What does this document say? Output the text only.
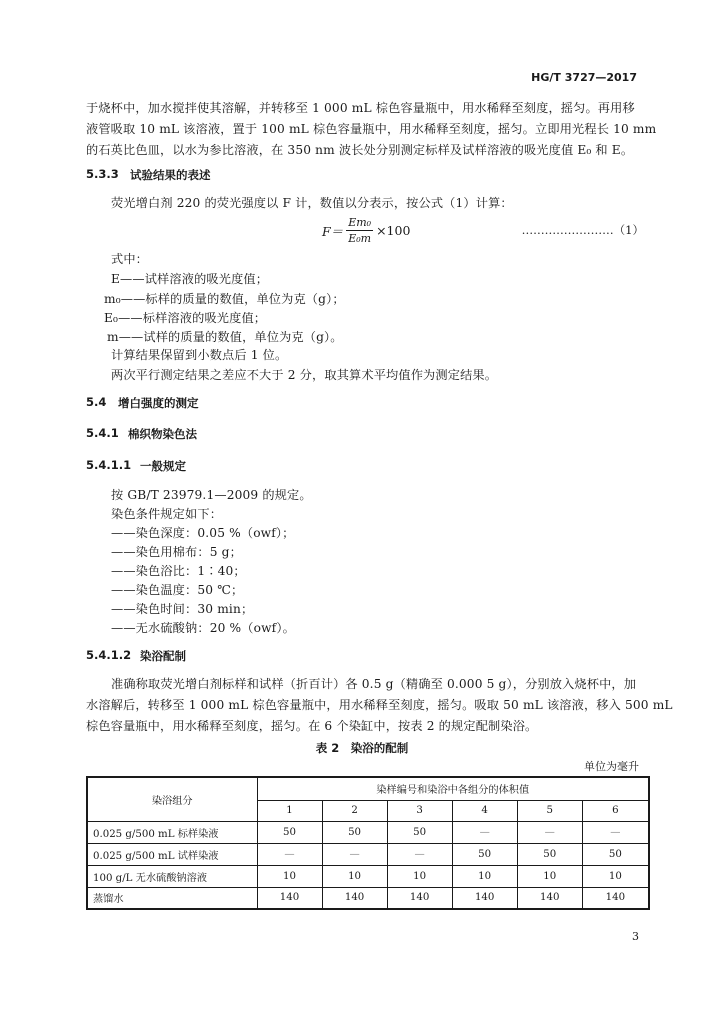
HG/T 3727—2017
于烧杯中，加水搅拌使其溶解，并转移至 1 000 mL 棕色容量瓶中，用水稀释至刻度，摇匀。再用移
液管吸取 10 mL 该溶液，置于 100 mL 棕色容量瓶中，用水稀释至刻度，摇匀。立即用光程长 10 mm
的石英比色皿，以水为参比溶液，在 350 nm 波长处分别测定标样及试样溶液的吸光度值 E₀ 和 E。
5.3.3 试验结果的表述
荧光增白剂 220 的荧光强度以 F 计，数值以分表示，按公式（1）计算：
$F= \frac{\text{Em₀}}{\text{E₀m}} \times 100$	……………………（1）
式中：
E——试样溶液的吸光度值；
m₀——标样的质量的数值，单位为克（g）；
E₀——标样溶液的吸光度值；
m——试样的质量的数值，单位为克（g）。
计算结果保留到小数点后 1 位。
两次平行测定结果之差应不大于 2 分，取其算术平均值作为测定结果。
5.4 增白强度的测定
5.4.1 棉织物染色法
5.4.1.1 一般规定
按 GB/T 23979.1—2009 的规定。
染色条件规定如下：
——染色深度：0.05 %（owf）；
——染色用棉布：5 g；
——染色浴比：1∶40；
——染色温度：50 ℃；
——染色时间：30 min；
——无水硫酸钠：20 %（owf）。
5.4.1.2 染浴配制
准确称取荧光增白剂标样和试样（折百计）各 0.5 g（精确至 0.000 5 g），分别放入烧杯中，加
水溶解后，转移至 1 000 mL 棕色容量瓶中，用水稀释至刻度，摇匀。吸取 50 mL 该溶液，移入 500 mL
棕色容量瓶中，用水稀释至刻度，摇匀。在 6 个染缸中，按表 2 的规定配制染浴。
表 2　染浴的配制
单位为毫升
染浴组分	染样编号和染浴中各组分的体积值					
	1	2	3	4	5	6
0.025 g/500 mL 标样染液	50	50	50	—	—	—
0.025 g/500 mL 试样染液	—	—	—	50	50	50
100 g/L 无水硫酸钠溶液	10	10	10	10	10	10
蒸馏水	140	140	140	140	140	140
3
